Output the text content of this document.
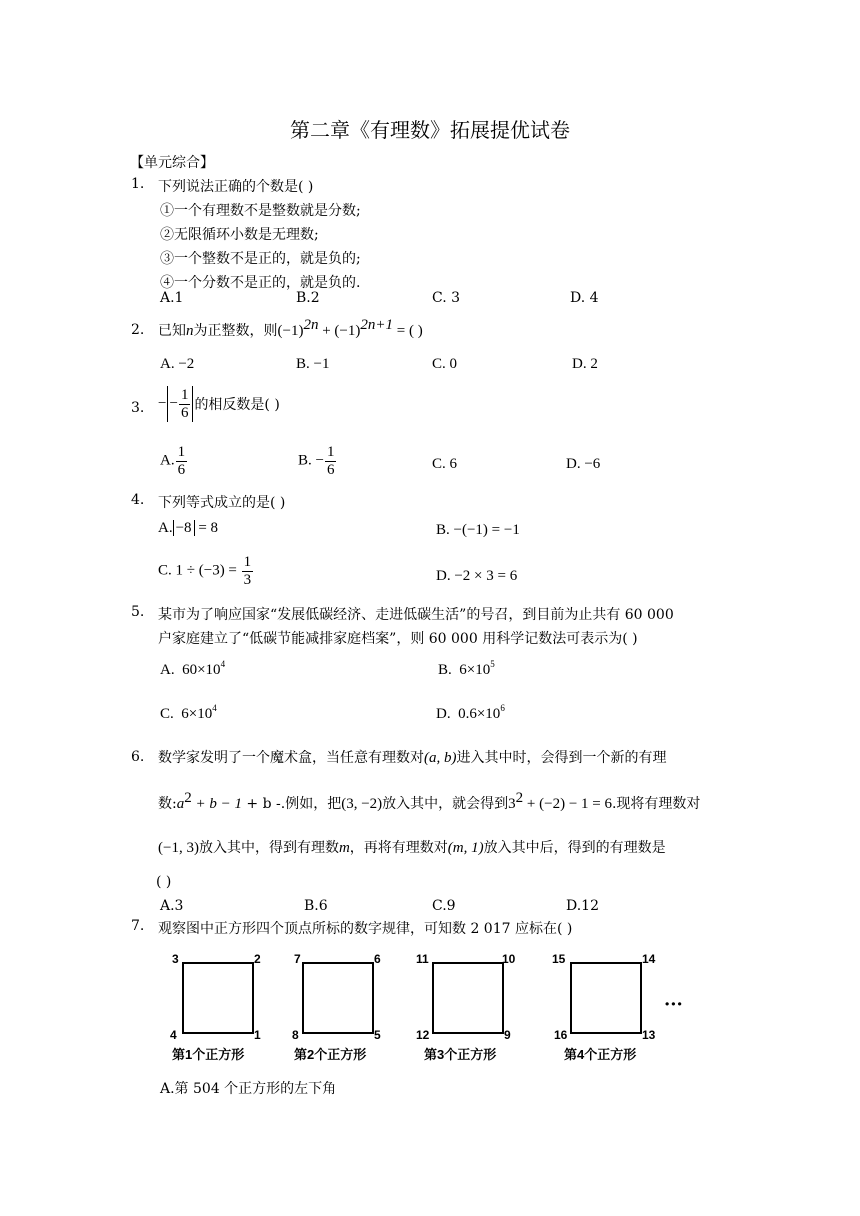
第二章《有理数》拓展提优试卷
【单元综合】
1. 下列说法正确的个数是( )
①一个有理数不是整数就是分数;
②无限循环小数是无理数;
③一个整数不是正的，就是负的;
④一个分数不是正的，就是负的.
A.1	B.2	C. 3	D. 4
2. 已知n为正整数，则$(-1)^{2n} + (-1)^{2n+1}$ = ( )
A. −2	B. −1	C. 0	D. 2
3. − − $\frac{1}{6}$ 的相反数是( )
A. $\frac{1}{6}$	B. − $\frac{1}{6}$	C. 6	D. −6
4. 下列等式成立的是( )
A. −8 = 8	B. −(−1) = −1
C. $1 \div (-3) = \frac{1}{3}$	D. −2 × 3 = 6
5. 某市为了响应国家“发展低碳经济、走进低碳生活”的号召，到目前为止共有 60 000
户家庭建立了“低碳节能减排家庭档案”，则 60 000 用科学记数法可表示为( )
A. $60\times 10^4$	B. $6\times 10^5$
C. $6\times 10^4$	D. $0.6\times 10^6$
6. 数学家发明了一个魔术盒，当任意有理数对(a, b)进入其中时，会得到一个新的有理
数$:a^2 + b - 1 + b$ -.例如，把(3, −2)放入其中，就会得到$3^2 + (-2) - 1 = 6$.现将有理数对
(−1, 3)放入其中，得到有理数m，再将有理数对(m, 1)放入其中后，得到的有理数是
( )
A.3	B.6	C.9	D.12
7. 观察图中正方形四个顶点所标的数字规律，可知数 2 017 应标在( )
3	2
4	1
第1个正方形
7	6
8	5
第2个正方形
11	10
12	9
第3个正方形
15	14
16	13
第4个正方形
···
A.第 504 个正方形的左下角
